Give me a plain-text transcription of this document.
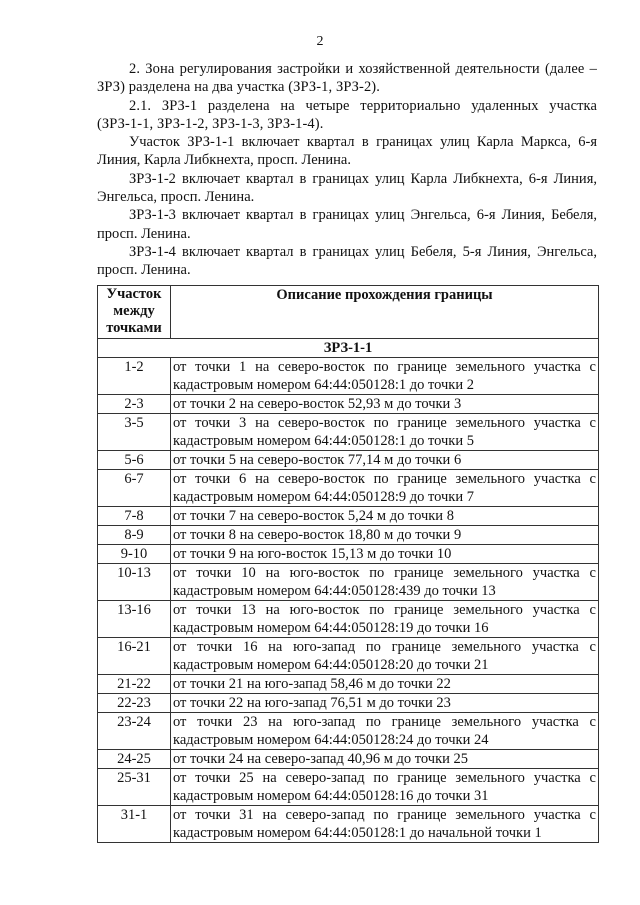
2

2. Зона регулирования застройки и хозяйственной деятельности (далее – ЗРЗ) разделена на два участка (ЗРЗ-1, ЗРЗ-2).

2.1. ЗРЗ-1 разделена на четыре территориально удаленных участка (ЗРЗ-1-1, ЗРЗ-1-2, ЗРЗ-1-3, ЗРЗ-1-4).

Участок ЗРЗ-1-1 включает квартал в границах улиц Карла Маркса, 6-я Линия, Карла Либкнехта, просп. Ленина.

ЗРЗ-1-2 включает квартал в границах улиц Карла Либкнехта, 6-я Линия, Энгельса, просп. Ленина.

ЗРЗ-1-3 включает квартал в границах улиц Энгельса, 6-я Линия, Бебеля, просп. Ленина.

ЗРЗ-1-4 включает квартал в границах улиц Бебеля, 5-я Линия, Энгельса, просп. Ленина.

Участок между точками	Описание прохождения границы
ЗРЗ-1-1	
1-2	от точки 1 на северо-восток по границе земельного участка с кадастровым номером 64:44:050128:1 до точки 2
2-3	от точки 2 на северо-восток 52,93 м до точки 3
3-5	от точки 3 на северо-восток по границе земельного участка с кадастровым номером 64:44:050128:1 до точки 5
5-6	от точки 5 на северо-восток 77,14 м до точки 6
6-7	от точки 6 на северо-восток по границе земельного участка с кадастровым номером 64:44:050128:9 до точки 7
7-8	от точки 7 на северо-восток 5,24 м до точки 8
8-9	от точки 8 на северо-восток 18,80 м до точки 9
9-10	от точки 9 на юго-восток 15,13 м до точки 10
10-13	от точки 10 на юго-восток по границе земельного участка с кадастровым номером 64:44:050128:439 до точки 13
13-16	от точки 13 на юго-восток по границе земельного участка с кадастровым номером 64:44:050128:19 до точки 16
16-21	от точки 16 на юго-запад по границе земельного участка с кадастровым номером 64:44:050128:20 до точки 21
21-22	от точки 21 на юго-запад 58,46 м до точки 22
22-23	от точки 22 на юго-запад 76,51 м до точки 23
23-24	от точки 23 на юго-запад по границе земельного участка с кадастровым номером 64:44:050128:24 до точки 24
24-25	от точки 24 на северо-запад 40,96 м до точки 25
25-31	от точки 25 на северо-запад по границе земельного участка с кадастровым номером 64:44:050128:16 до точки 31
31-1	от точки 31 на северо-запад по границе земельного участка с кадастровым номером 64:44:050128:1 до начальной точки 1
